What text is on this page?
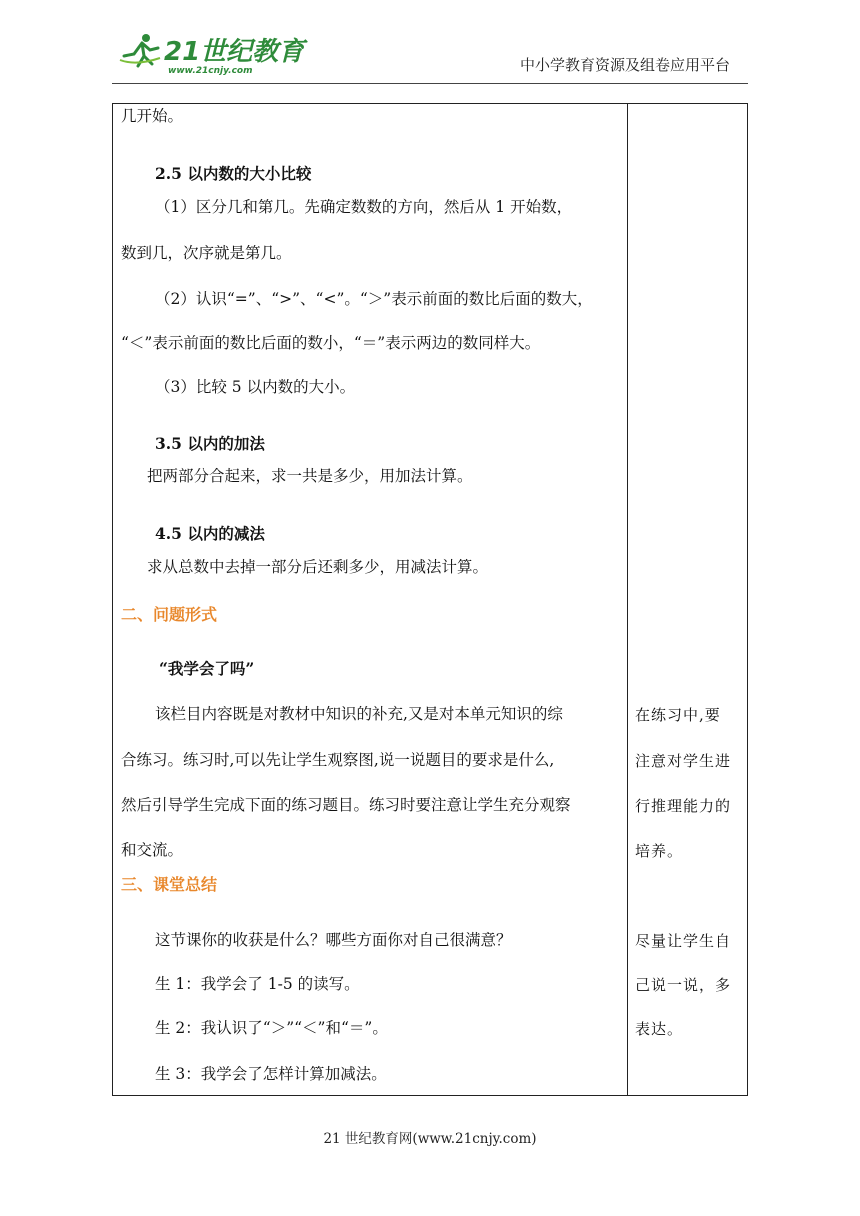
21世纪教育
www.21cnjy.com	中小学教育资源及组卷应用平台
几开始。
2.5 以内数的大小比较
（1）区分几和第几。先确定数数的方向，然后从 1 开始数，
数到几，次序就是第几。
（2）认识“=”、“>”、“<”。“＞”表示前面的数比后面的数大，
“＜”表示前面的数比后面的数小，“＝”表示两边的数同样大。
（3）比较 5 以内数的大小。
3.5 以内的加法
把两部分合起来，求一共是多少，用加法计算。
4.5 以内的减法
求从总数中去掉一部分后还剩多少，用减法计算。
二、问题形式
“我学会了吗”
该栏目内容既是对教材中知识的补充,又是对本单元知识的综
合练习。练习时,可以先让学生观察图,说一说题目的要求是什么,
然后引导学生完成下面的练习题目。练习时要注意让学生充分观察
和交流。
三、课堂总结
这节课你的收获是什么？哪些方面你对自己很满意？
生 1：我学会了 1-5 的读写。
生 2：我认识了“＞”“＜”和“＝”。
生 3：我学会了怎样计算加减法。
在练习中,要
注意对学生进
行推理能力的
培养。
尽量让学生自
己说一说，多
表达。
21 世纪教育网(www.21cnjy.com)
